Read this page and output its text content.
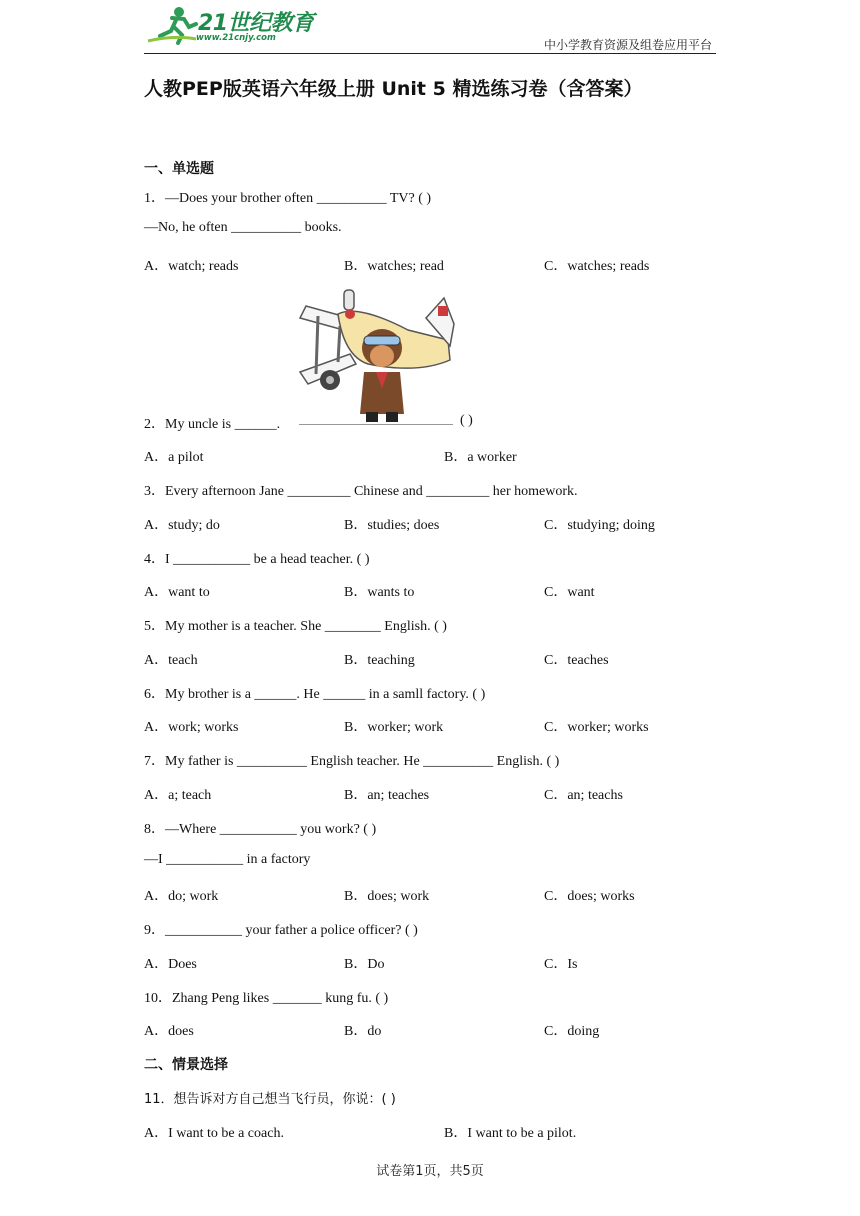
21世纪教育
www.21cnjy.com	中小学教育资源及组卷应用平台
人教PEP版英语六年级上册 Unit 5 精选练习卷（含答案）
一、单选题
1．—Does your brother often __________ TV? ( )
—No, he often __________ books.
A．watch; reads	B．watches; read	C．watches; reads
2．My uncle is ______.	( )
A．a pilot	B．a worker
3．Every afternoon Jane _________ Chinese and _________ her homework.
A．study; do	B．studies; does	C．studying; doing
4．I ___________ be a head teacher. ( )
A．want to	B．wants to	C．want
5．My mother is a teacher. She ________ English. ( )
A．teach	B．teaching	C．teaches
6．My brother is a ______. He ______ in a samll factory. ( )
A．work; works	B．worker; work	C．worker; works
7．My father is __________ English teacher. He __________ English. ( )
A．a; teach	B．an; teaches	C．an; teachs
8．—Where ___________ you work? ( )
—I ___________ in a factory
A．do; work	B．does; work	C．does; works
9．___________ your father a police officer? ( )
A．Does	B．Do	C．Is
10．Zhang Peng likes _______ kung fu. ( )
A．does	B．do	C．doing
二、情景选择
11．想告诉对方自己想当飞行员，你说：( )
A．I want to be a coach.	B．I want to be a pilot.
试卷第1页，共5页
